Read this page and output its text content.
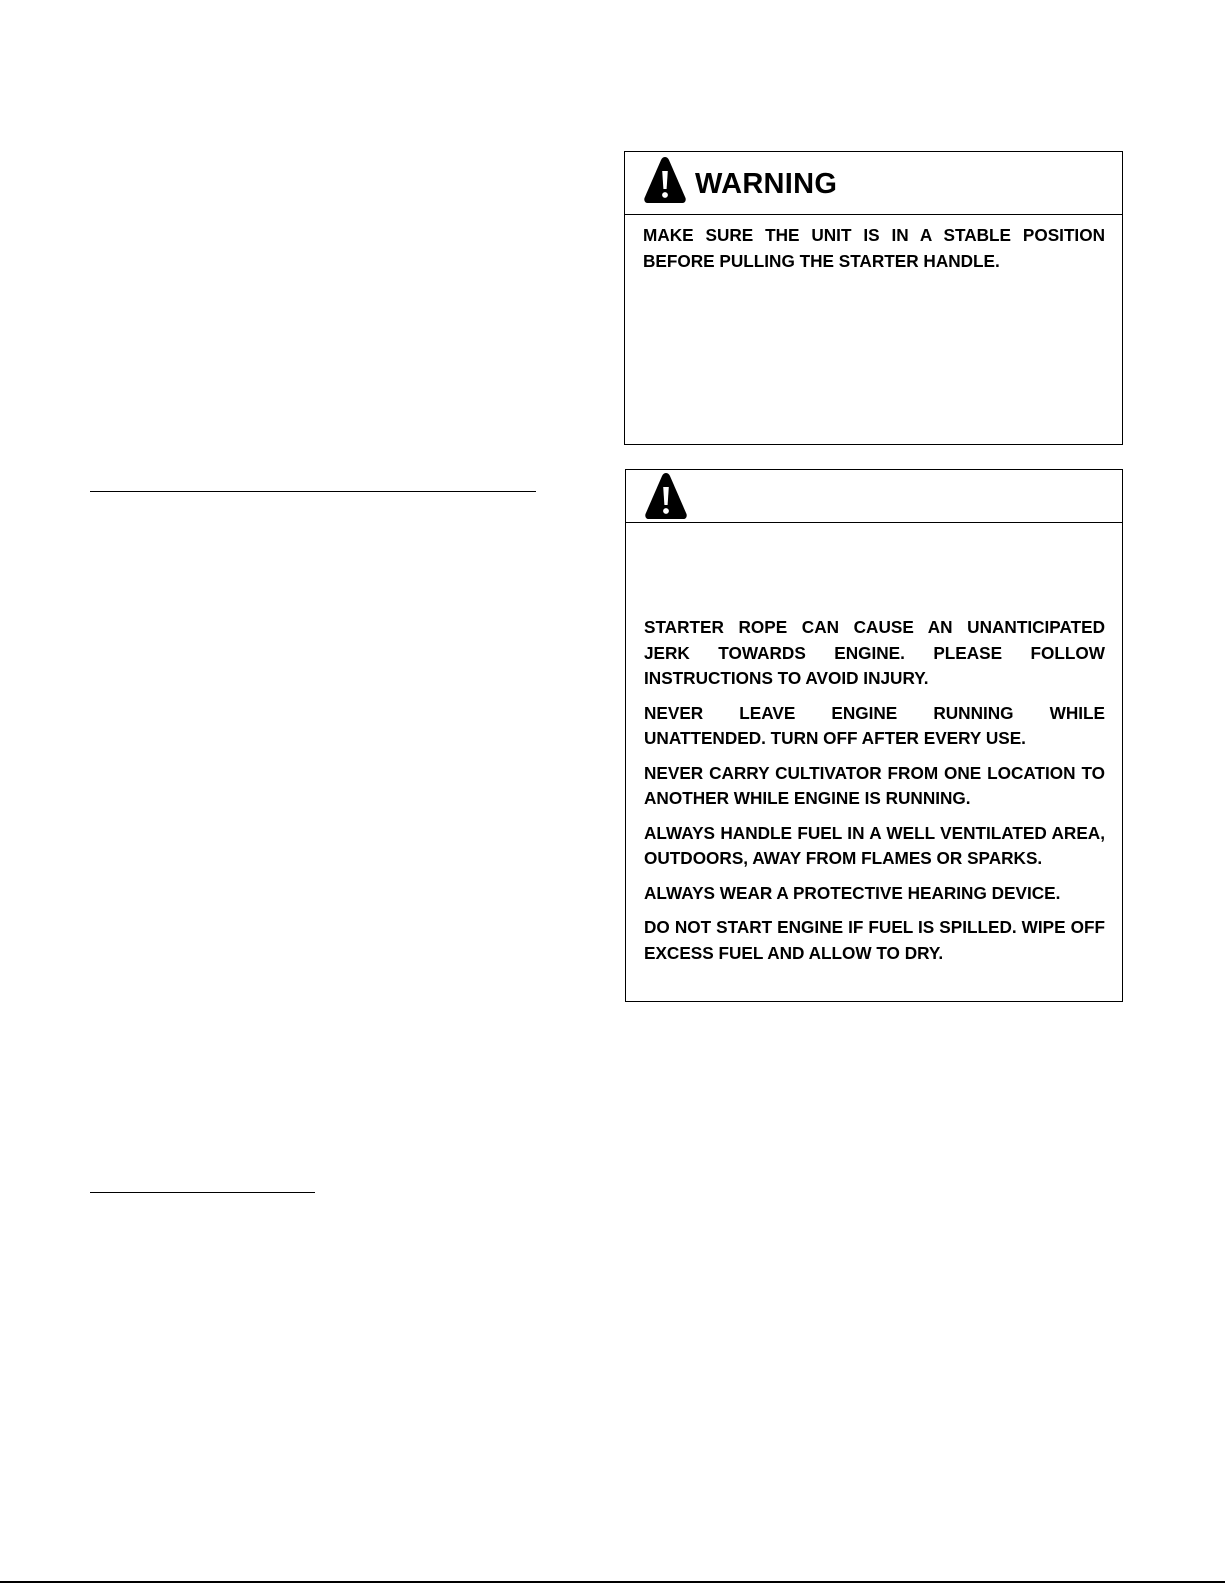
WARNING

MAKE SURE THE UNIT IS IN A STABLE POSITION BEFORE PULLING THE STARTER HANDLE.

STARTER ROPE CAN CAUSE AN UNANTICIPATED JERK TOWARDS ENGINE. PLEASE FOLLOW INSTRUCTIONS TO AVOID INJURY.

NEVER LEAVE ENGINE RUNNING WHILE UNATTENDED. TURN OFF AFTER EVERY USE.

NEVER CARRY CULTIVATOR FROM ONE LOCATION TO ANOTHER WHILE ENGINE IS RUNNING.

ALWAYS HANDLE FUEL IN A WELL VENTILATED AREA, OUTDOORS, AWAY FROM FLAMES OR SPARKS.

ALWAYS WEAR A PROTECTIVE HEARING DEVICE.

DO NOT START ENGINE IF FUEL IS SPILLED. WIPE OFF EXCESS FUEL AND ALLOW TO DRY.
